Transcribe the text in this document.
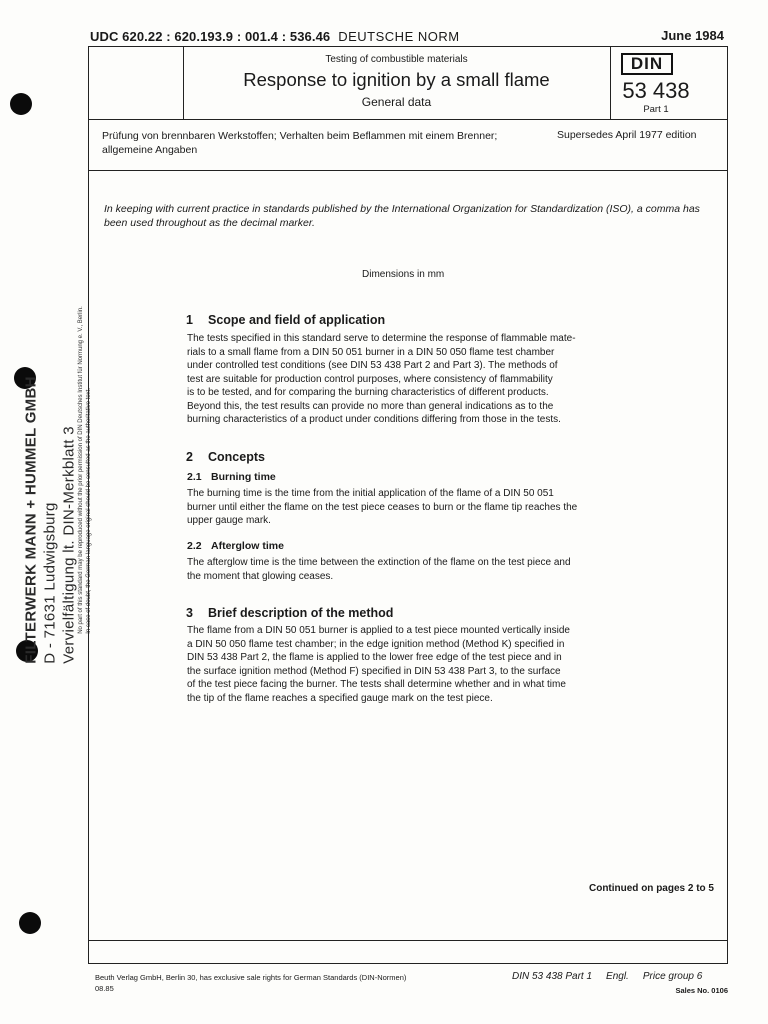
FILTERWERK MANN + HUMMEL GMBH D - 71631 Ludwigsburg Vervielfältigung lt. DIN-Merkblatt 3 No part of this standard may be reproduced without the prior permission of DIN Deutsches Institut für Normung e. V., Berlin. In case of doubt, the German-language original should be consulted as the authoritative text.
UDC 620.22 : 620.193.9 : 001.4 : 536.46 DEUTSCHE NORM	June 1984
Testing of combustible materials
Response to ignition by a small flame
General data
DIN
53 438
Part 1
Prüfung von brennbaren Werkstoffen; Verhalten beim Beflammen mit einem Brenner; allgemeine Angaben
Supersedes April 1977 edition
In keeping with current practice in standards published by the International Organization for Standardization (ISO), a comma has been used throughout as the decimal marker.
Dimensions in mm
1 Scope and field of application
The tests specified in this standard serve to determine the response of flammable mate-
rials to a small flame from a DIN 50 051 burner in a DIN 50 050 flame test chamber
under controlled test conditions (see DIN 53 438 Part 2 and Part 3). The methods of
test are suitable for production control purposes, where consistency of flammability
is to be tested, and for comparing the burning characteristics of different products.
Beyond this, the test results can provide no more than general indications as to the
burning characteristics of a product under conditions differing from those in the tests.
2 Concepts
2.1 Burning time
The burning time is the time from the initial application of the flame of a DIN 50 051
burner until either the flame on the test piece ceases to burn or the flame tip reaches the
upper gauge mark.
2.2 Afterglow time
The afterglow time is the time between the extinction of the flame on the test piece and
the moment that glowing ceases.
3 Brief description of the method
The flame from a DIN 50 051 burner is applied to a test piece mounted vertically inside
a DIN 50 050 flame test chamber; in the edge ignition method (Method K) specified in
DIN 53 438 Part 2, the flame is applied to the lower free edge of the test piece and in
the surface ignition method (Method F) specified in DIN 53 438 Part 3, to the surface
of the test piece facing the burner. The tests shall determine whether and in what time
the tip of the flame reaches a specified gauge mark on the test piece.
Continued on pages 2 to 5
Beuth Verlag GmbH, Berlin 30, has exclusive sale rights for German Standards (DIN-Normen)
08.85
DIN 53 438 Part 1 Engl. Price group 6
Sales No. 0106
